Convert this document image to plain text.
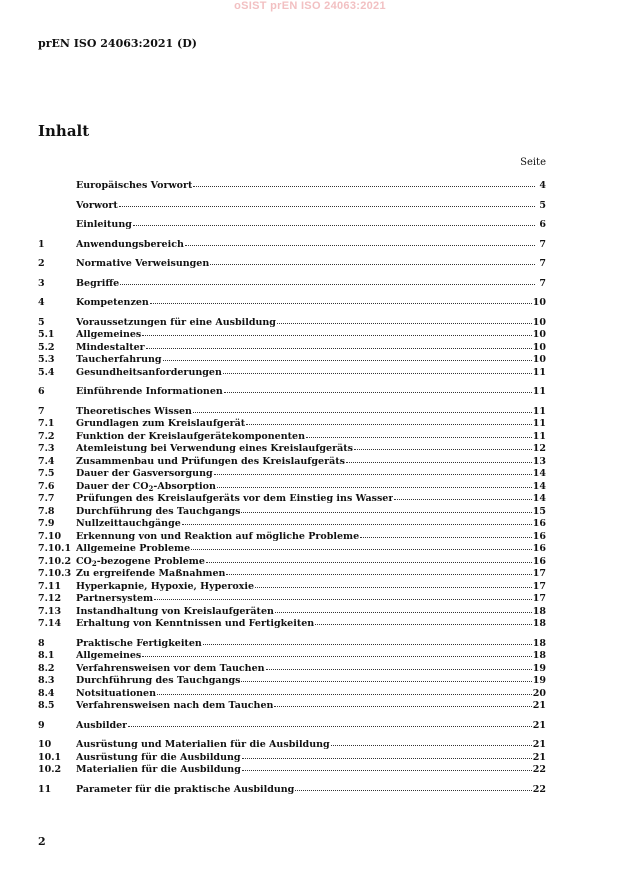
oSIST prEN ISO 24063:2021
prEN ISO 24063:2021 (D)
Inhalt
Seite
Europäisches Vorwort	4
Vorwort	5
Einleitung	6
1	Anwendungsbereich	7
2	Normative Verweisungen	7
3	Begriffe	7
4	Kompetenzen	10
5	Voraussetzungen für eine Ausbildung	10
5.1	Allgemeines	10
5.2	Mindestalter	10
5.3	Taucherfahrung	10
5.4	Gesundheitsanforderungen	11
6	Einführende Informationen	11
7	Theoretisches Wissen	11
7.1	Grundlagen zum Kreislaufgerät	11
7.2	Funktion der Kreislaufgerätekomponenten	11
7.3	Atemleistung bei Verwendung eines Kreislaufgeräts	12
7.4	Zusammenbau und Prüfungen des Kreislaufgeräts	13
7.5	Dauer der Gasversorgung	14
7.6	Dauer der $CO_2$-Absorption	14
7.7	Prüfungen des Kreislaufgeräts vor dem Einstieg ins Wasser	14
7.8	Durchführung des Tauchgangs	15
7.9	Nullzeittauchgänge	16
7.10	Erkennung von und Reaktion auf mögliche Probleme	16
7.10.1 Allgemeine Probleme	16
7.10.2 $CO_2$-bezogene Probleme	16
7.10.3 Zu ergreifende Maßnahmen	17
7.11	Hyperkapnie, Hypoxie, Hyperoxie	17
7.12	Partnersystem	17
7.13	Instandhaltung von Kreislaufgeräten	18
7.14	Erhaltung von Kenntnissen und Fertigkeiten	18
8	Praktische Fertigkeiten	18
8.1	Allgemeines	18
8.2	Verfahrensweisen vor dem Tauchen	19
8.3	Durchführung des Tauchgangs	19
8.4	Notsituationen	20
8.5	Verfahrensweisen nach dem Tauchen	21
9	Ausbilder	21
10	Ausrüstung und Materialien für die Ausbildung	21
10.1	Ausrüstung für die Ausbildung	21
10.2	Materialien für die Ausbildung	22
11	Parameter für die praktische Ausbildung	22
2
